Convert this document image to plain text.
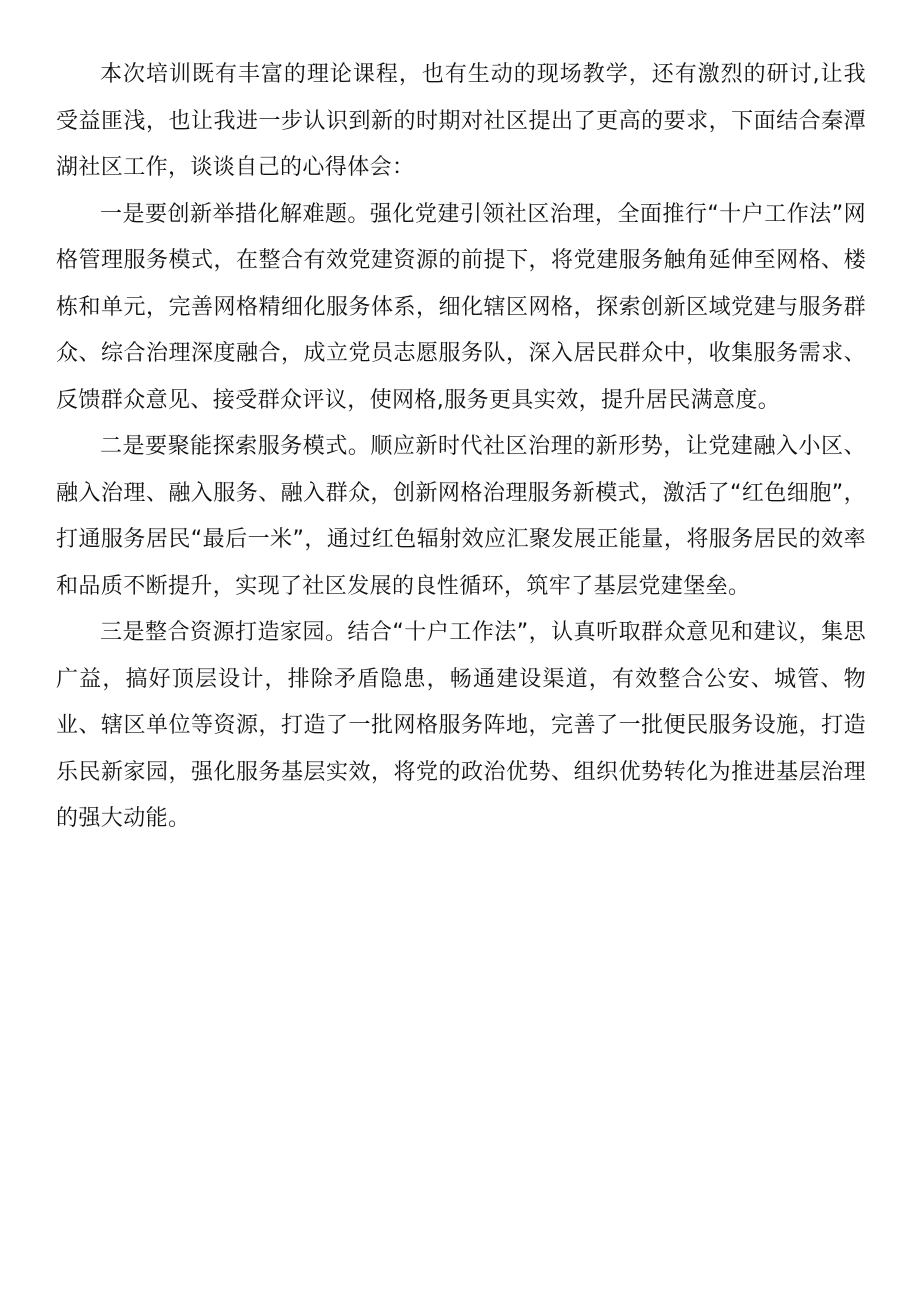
本次培训既有丰富的理论课程，也有生动的现场教学，还有激烈的研讨,让我受益匪浅，也让我进一步认识到新的时期对社区提出了更高的要求，下面结合秦潭湖社区工作，谈谈自己的心得体会：

一是要创新举措化解难题。强化党建引领社区治理，全面推行“十户工作法”网格管理服务模式，在整合有效党建资源的前提下，将党建服务触角延伸至网格、楼栋和单元，完善网格精细化服务体系，细化辖区网格，探索创新区域党建与服务群众、综合治理深度融合，成立党员志愿服务队，深入居民群众中，收集服务需求、反馈群众意见、接受群众评议，使网格,服务更具实效，提升居民满意度。

二是要聚能探索服务模式。顺应新时代社区治理的新形势，让党建融入小区、融入治理、融入服务、融入群众，创新网格治理服务新模式，激活了“红色细胞”，打通服务居民“最后一米”，通过红色辐射效应汇聚发展正能量，将服务居民的效率和品质不断提升，实现了社区发展的良性循环，筑牢了基层党建堡垒。

三是整合资源打造家园。结合“十户工作法”，认真听取群众意见和建议，集思广益，搞好顶层设计，排除矛盾隐患，畅通建设渠道，有效整合公安、城管、物业、辖区单位等资源，打造了一批网格服务阵地，完善了一批便民服务设施，打造乐民新家园，强化服务基层实效，将党的政治优势、组织优势转化为推进基层治理的强大动能。
